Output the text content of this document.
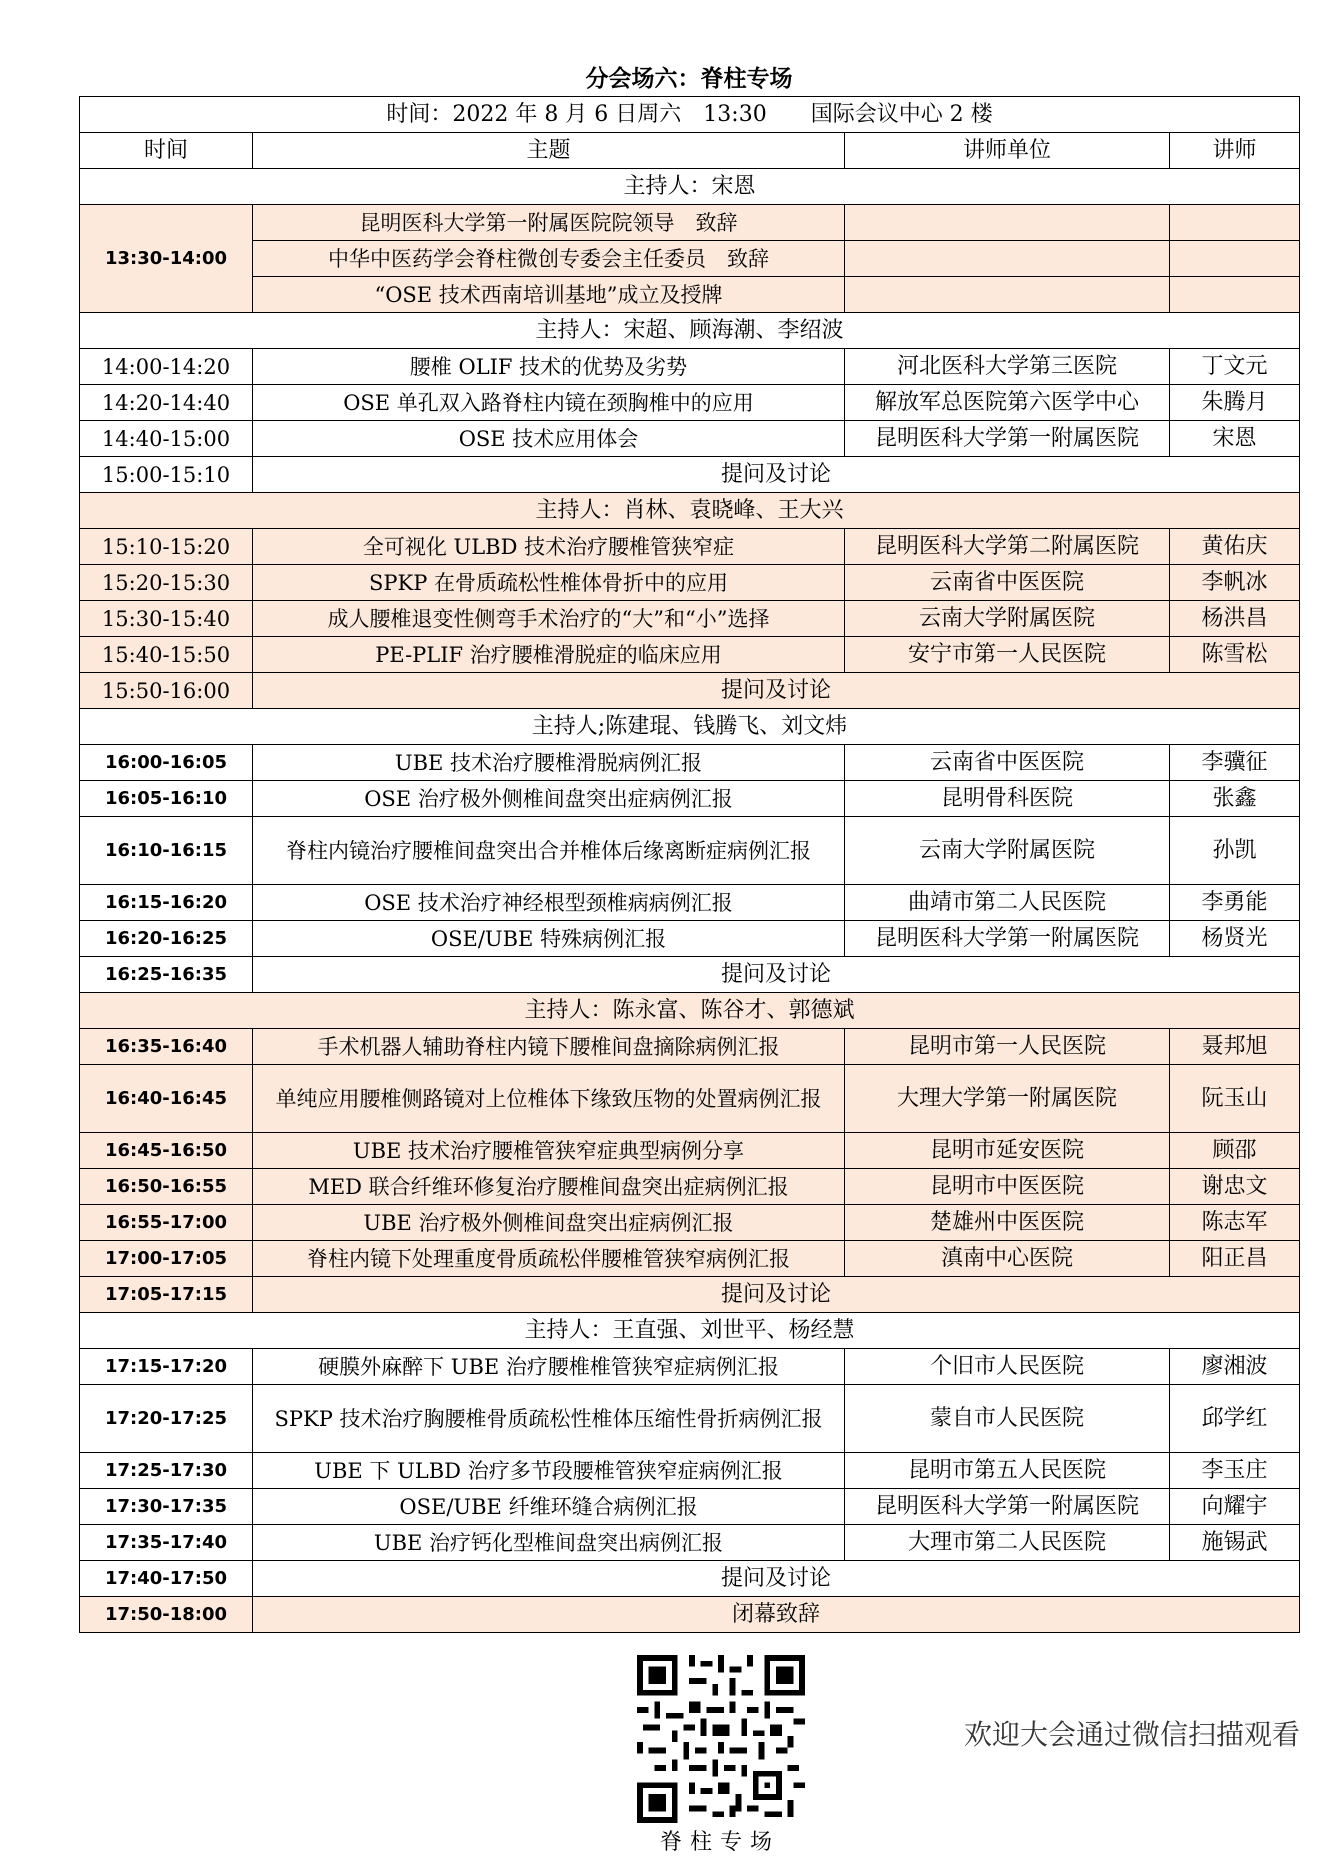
分会场六：脊柱专场
时间：2022 年 8 月 6 日周六　13:30　　国际会议中心 2 楼			
时间	主题	讲师单位	讲师
主持人：宋恩			
13:30-14:00	昆明医科大学第一附属医院院领导　致辞		
	中华中医药学会脊柱微创专委会主任委员　致辞		
	“OSE 技术西南培训基地”成立及授牌		
主持人：宋超、顾海潮、李绍波			
14:00-14:20	腰椎 OLIF 技术的优势及劣势	河北医科大学第三医院	丁文元
14:20-14:40	OSE 单孔双入路脊柱内镜在颈胸椎中的应用	解放军总医院第六医学中心	朱腾月
14:40-15:00	OSE 技术应用体会	昆明医科大学第一附属医院	宋恩
15:00-15:10	提问及讨论		
主持人：肖林、袁晓峰、王大兴			
15:10-15:20	全可视化 ULBD 技术治疗腰椎管狭窄症	昆明医科大学第二附属医院	黄佑庆
15:20-15:30	SPKP 在骨质疏松性椎体骨折中的应用	云南省中医医院	李帆冰
15:30-15:40	成人腰椎退变性侧弯手术治疗的“大”和“小”选择	云南大学附属医院	杨洪昌
15:40-15:50	PE-PLIF 治疗腰椎滑脱症的临床应用	安宁市第一人民医院	陈雪松
15:50-16:00	提问及讨论		
主持人;陈建琨、钱腾飞、刘文炜			
16:00-16:05	UBE 技术治疗腰椎滑脱病例汇报	云南省中医医院	李骥征
16:05-16:10	OSE 治疗极外侧椎间盘突出症病例汇报	昆明骨科医院	张鑫
16:10-16:15	脊柱内镜治疗腰椎间盘突出合并椎体后缘离断症病例汇报	云南大学附属医院	孙凯
16:15-16:20	OSE 技术治疗神经根型颈椎病病例汇报	曲靖市第二人民医院	李勇能
16:20-16:25	OSE/UBE 特殊病例汇报	昆明医科大学第一附属医院	杨贤光
16:25-16:35	提问及讨论		
主持人：陈永富、陈谷才、郭德斌			
16:35-16:40	手术机器人辅助脊柱内镜下腰椎间盘摘除病例汇报	昆明市第一人民医院	聂邦旭
16:40-16:45	单纯应用腰椎侧路镜对上位椎体下缘致压物的处置病例汇报	大理大学第一附属医院	阮玉山
16:45-16:50	UBE 技术治疗腰椎管狭窄症典型病例分享	昆明市延安医院	顾邵
16:50-16:55	MED 联合纤维环修复治疗腰椎间盘突出症病例汇报	昆明市中医医院	谢忠文
16:55-17:00	UBE 治疗极外侧椎间盘突出症病例汇报	楚雄州中医医院	陈志军
17:00-17:05	脊柱内镜下处理重度骨质疏松伴腰椎管狭窄病例汇报	滇南中心医院	阳正昌
17:05-17:15	提问及讨论		
主持人：王直强、刘世平、杨经慧			
17:15-17:20	硬膜外麻醉下 UBE 治疗腰椎椎管狭窄症病例汇报	个旧市人民医院	廖湘波
17:20-17:25	SPKP 技术治疗胸腰椎骨质疏松性椎体压缩性骨折病例汇报	蒙自市人民医院	邱学红
17:25-17:30	UBE 下 ULBD 治疗多节段腰椎管狭窄症病例汇报	昆明市第五人民医院	李玉庄
17:30-17:35	OSE/UBE 纤维环缝合病例汇报	昆明医科大学第一附属医院	向耀宇
17:35-17:40	UBE 治疗钙化型椎间盘突出病例汇报	大理市第二人民医院	施锡武
17:40-17:50	提问及讨论		
17:50-18:00	闭幕致辞		
脊柱专场
欢迎大会通过微信扫描观看
